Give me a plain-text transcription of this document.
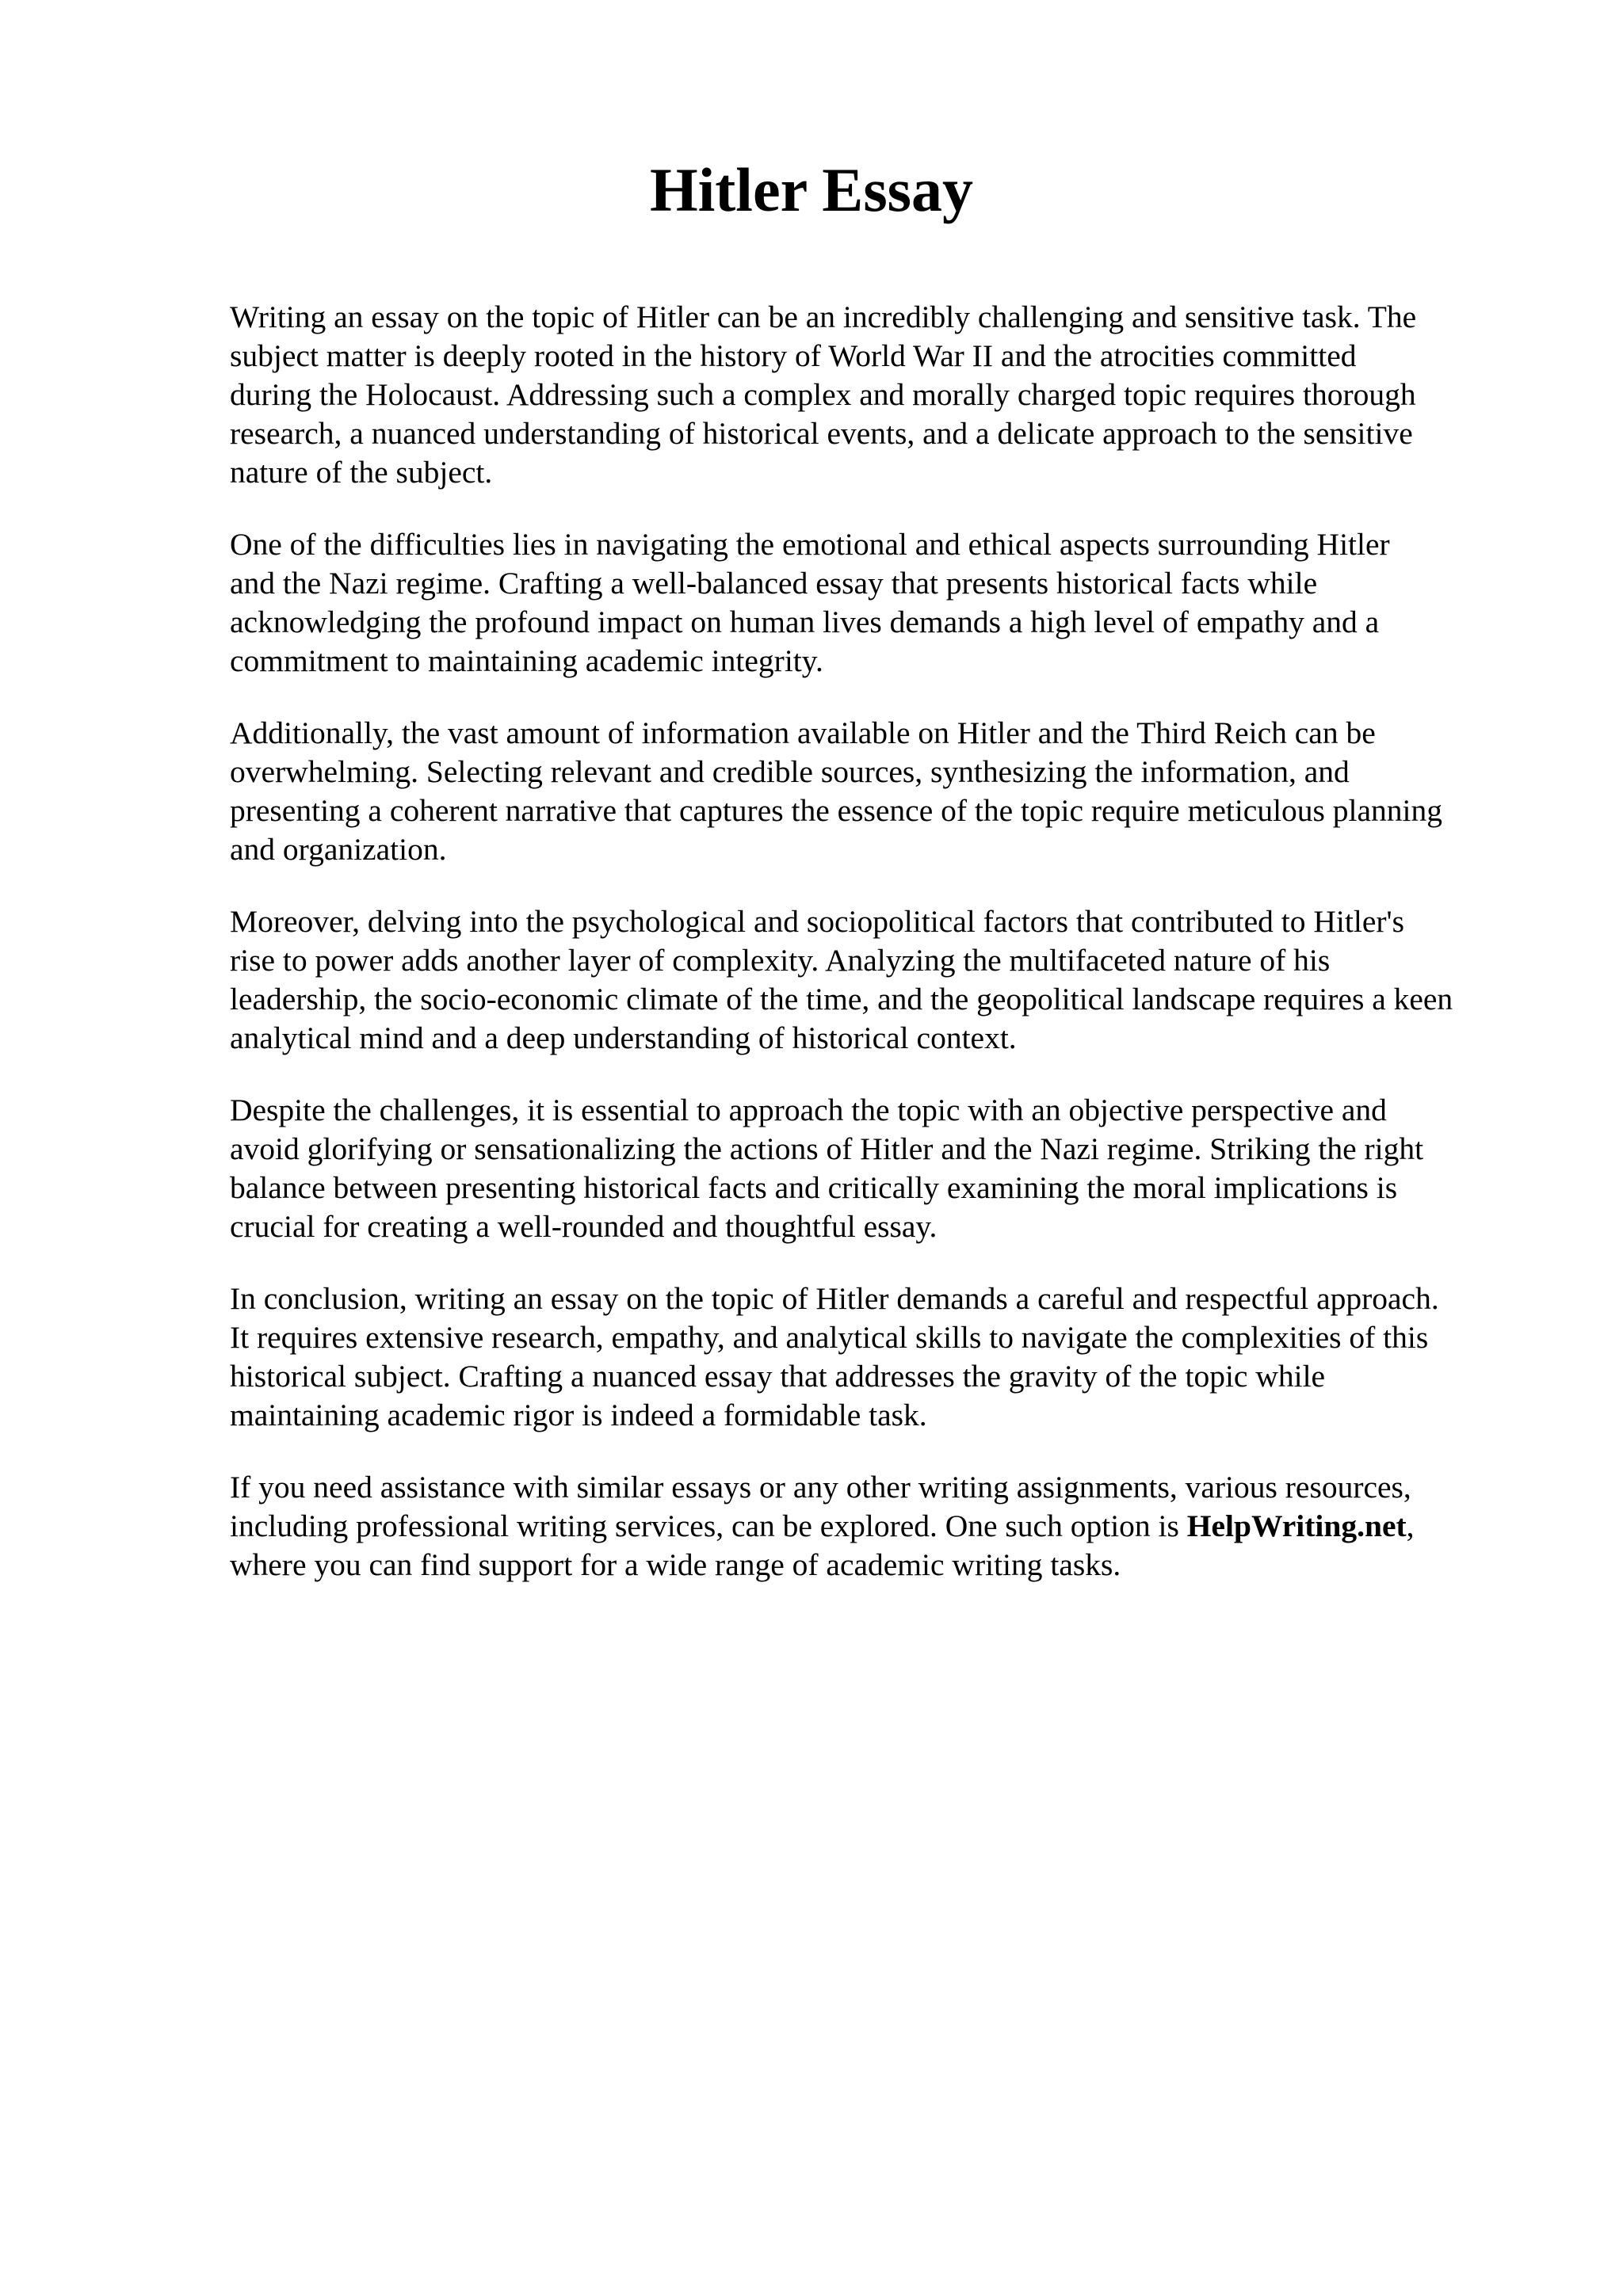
Hitler Essay

Writing an essay on the topic of Hitler can be an incredibly challenging and sensitive task. The
subject matter is deeply rooted in the history of World War II and the atrocities committed
during the Holocaust. Addressing such a complex and morally charged topic requires thorough
research, a nuanced understanding of historical events, and a delicate approach to the sensitive
nature of the subject.

One of the difficulties lies in navigating the emotional and ethical aspects surrounding Hitler
and the Nazi regime. Crafting a well-balanced essay that presents historical facts while
acknowledging the profound impact on human lives demands a high level of empathy and a
commitment to maintaining academic integrity.

Additionally, the vast amount of information available on Hitler and the Third Reich can be
overwhelming. Selecting relevant and credible sources, synthesizing the information, and
presenting a coherent narrative that captures the essence of the topic require meticulous planning
and organization.

Moreover, delving into the psychological and sociopolitical factors that contributed to Hitler's
rise to power adds another layer of complexity. Analyzing the multifaceted nature of his
leadership, the socio-economic climate of the time, and the geopolitical landscape requires a keen
analytical mind and a deep understanding of historical context.

Despite the challenges, it is essential to approach the topic with an objective perspective and
avoid glorifying or sensationalizing the actions of Hitler and the Nazi regime. Striking the right
balance between presenting historical facts and critically examining the moral implications is
crucial for creating a well-rounded and thoughtful essay.

In conclusion, writing an essay on the topic of Hitler demands a careful and respectful approach.
It requires extensive research, empathy, and analytical skills to navigate the complexities of this
historical subject. Crafting a nuanced essay that addresses the gravity of the topic while
maintaining academic rigor is indeed a formidable task.

If you need assistance with similar essays or any other writing assignments, various resources,
including professional writing services, can be explored. One such option is HelpWriting.net,
where you can find support for a wide range of academic writing tasks.
